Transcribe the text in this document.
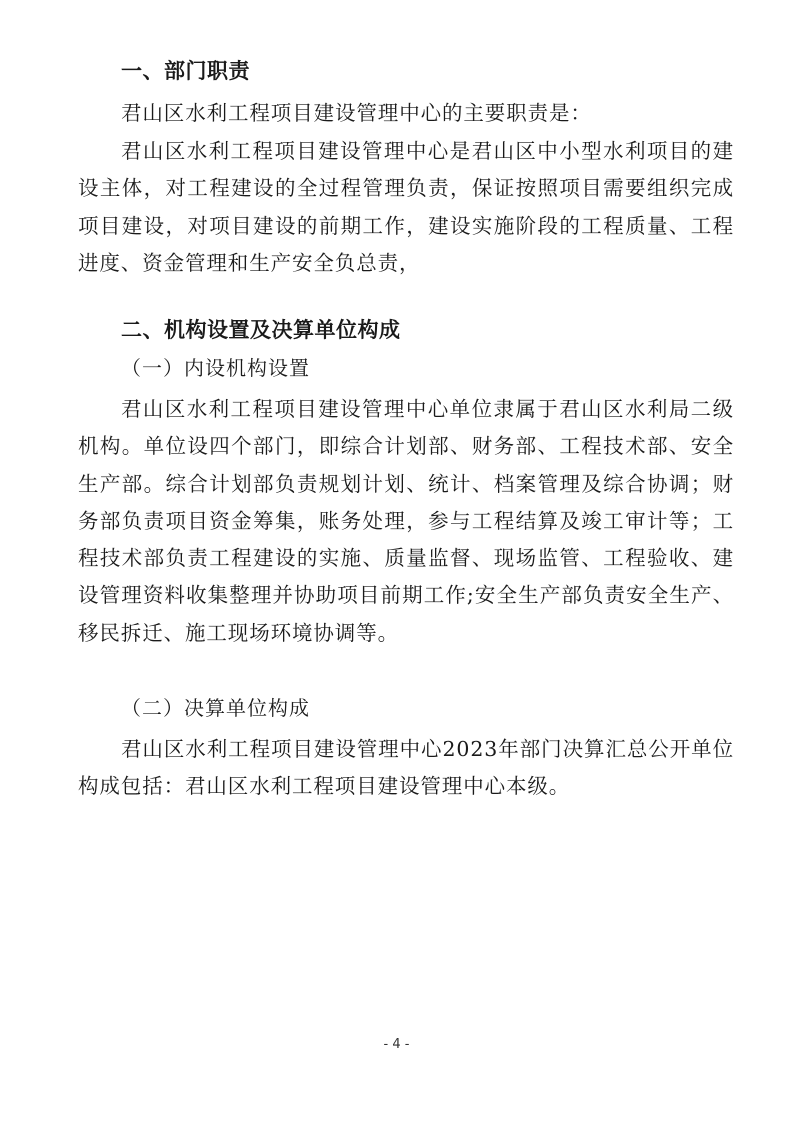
一、部门职责

君山区水利工程项目建设管理中心的主要职责是：

君山区水利工程项目建设管理中心是君山区中小型水利项目的建设主体，对工程建设的全过程管理负责，保证按照项目需要组织完成项目建设，对项目建设的前期工作，建设实施阶段的工程质量、工程进度、资金管理和生产安全负总责，

二、机构设置及决算单位构成
（一）内设机构设置

君山区水利工程项目建设管理中心单位隶属于君山区水利局二级机构。单位设四个部门，即综合计划部、财务部、工程技术部、安全生产部。综合计划部负责规划计划、统计、档案管理及综合协调；财务部负责项目资金筹集，账务处理，参与工程结算及竣工审计等；工程技术部负责工程建设的实施、质量监督、现场监管、工程验收、建设管理资料收集整理并协助项目前期工作;安全生产部负责安全生产、移民拆迁、施工现场环境协调等。

（二）决算单位构成

君山区水利工程项目建设管理中心2023年部门决算汇总公开单位构成包括：君山区水利工程项目建设管理中心本级。

- 4 -
